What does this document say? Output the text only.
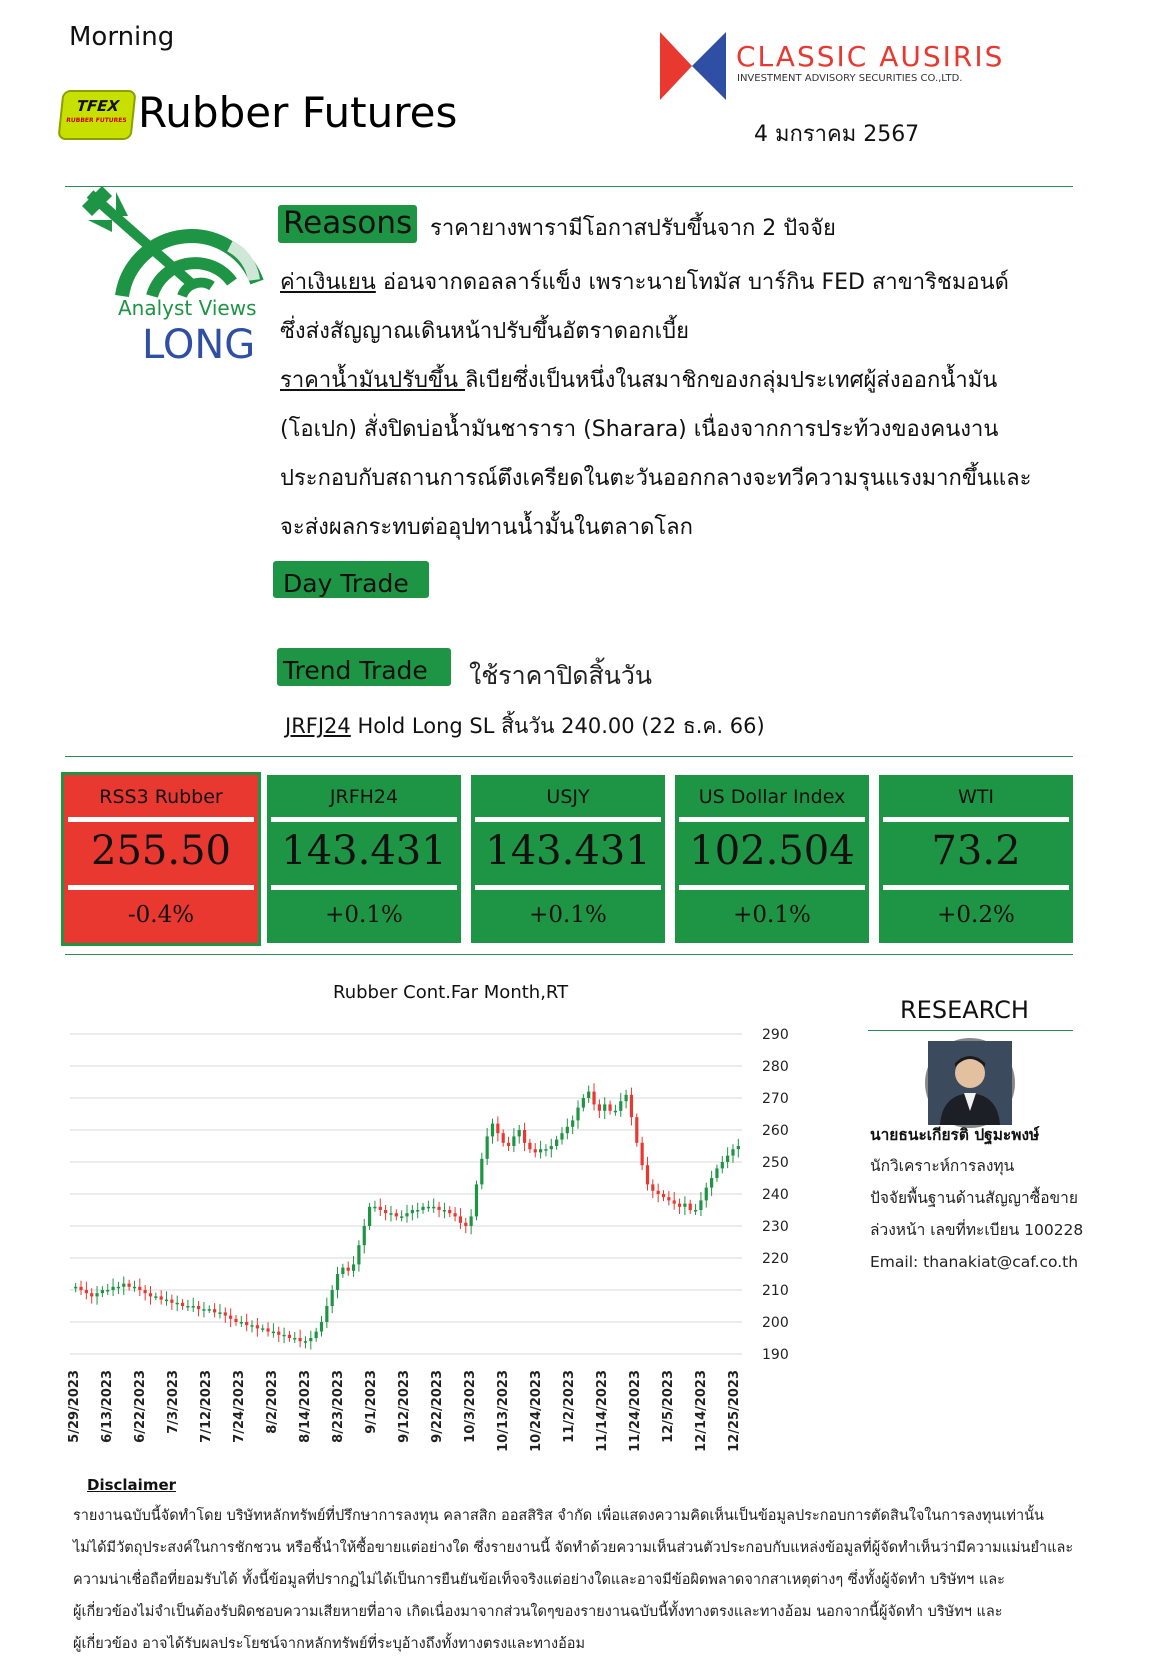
Morning
TFEX
RUBBER FUTURES Rubber Futures
CLASSIC AUSIRIS
INVESTMENT ADVISORY SECURITIES CO.,LTD.
4 มกราคม 2567
Analyst Views
LONG
Reasons ราคายางพารามีโอกาสปรับขึ้นจาก 2 ปัจจัย
ค่าเงินเยน อ่อนจากดอลลาร์แข็ง เพราะนายโทมัส บาร์กิน FED สาขาริชมอนด์
ซึ่งส่งสัญญาณเดินหน้าปรับขึ้นอัตราดอกเบี้ย
ราคาน้ำมันปรับขึ้น ลิเบียซึ่งเป็นหนึ่งในสมาชิกของกลุ่มประเทศผู้ส่งออกน้ำมัน
(โอเปก) สั่งปิดบ่อน้ำมันชารารา (Sharara) เนื่องจากการประท้วงของคนงาน
ประกอบกับสถานการณ์ตึงเครียดในตะวันออกกลางจะทวีความรุนแรงมากขึ้นและ
จะส่งผลกระทบต่ออุปทานน้ำมั้นในตลาดโลก
Day Trade
Trend Trade	ใช้ราคาปิดสิ้นวัน
JRFJ24 Hold Long SL สิ้นวัน 240.00 (22 ธ.ค. 66)
RSS3 Rubber
255.50
-0.4%
JRFH24
143.431
+0.1%
USJY
143.431
+0.1%
US Dollar Index
102.504
+0.1%
WTI
73.2
+0.2%
Rubber Cont.Far Month,RT
290
280
270
260
250
240
230
220
210
200
190
5/29/2023 6/13/2023 6/22/2023 7/3/2023 7/12/2023 7/24/2023 8/2/2023 8/14/2023 8/23/2023 9/1/2023 9/12/2023 9/22/2023 10/3/2023 10/13/2023 10/24/2023 11/2/2023 11/14/2023 11/24/2023 12/5/2023 12/14/2023 12/25/2023
RESEARCH
นายธนะเกียรติ ปฐมะพงษ์
นักวิเคราะห์การลงทุน
ปัจจัยพื้นฐานด้านสัญญาซื้อขาย
ล่วงหน้า เลขที่ทะเบียน 100228
Email: thanakiat@caf.co.th
Disclaimer
รายงานฉบับนี้จัดทำโดย บริษัทหลักทรัพย์ที่ปรึกษาการลงทุน คลาสสิก ออสสิริส จำกัด เพื่อแสดงความคิดเห็นเป็นข้อมูลประกอบการตัดสินใจในการลงทุนเท่านั้น
ไม่ได้มีวัตถุประสงค์ในการชักชวน หรือชี้นำให้ซื้อขายแต่อย่างใด ซึ่งรายงานนี้ จัดทำด้วยความเห็นส่วนตัวประกอบกับแหล่งข้อมูลที่ผู้จัดทำเห็นว่ามีความแม่นยำและ
ความน่าเชื่อถือที่ยอมรับได้ ทั้งนี้ข้อมูลที่ปรากฏไม่ได้เป็นการยืนยันข้อเท็จจริงแต่อย่างใดและอาจมีข้อผิดพลาดจากสาเหตุต่างๆ ซึ่งทั้งผู้จัดทำ บริษัทฯ และ
ผู้เกี่ยวข้องไม่จำเป็นต้องรับผิดชอบความเสียหายที่อาจ เกิดเนื่องมาจากส่วนใดๆของรายงานฉบับนี้ทั้งทางตรงและทางอ้อม นอกจากนี้ผู้จัดทำ บริษัทฯ และ
ผู้เกี่ยวข้อง อาจได้รับผลประโยชน์จากหลักทรัพย์ที่ระบุอ้างถึงทั้งทางตรงและทางอ้อม
